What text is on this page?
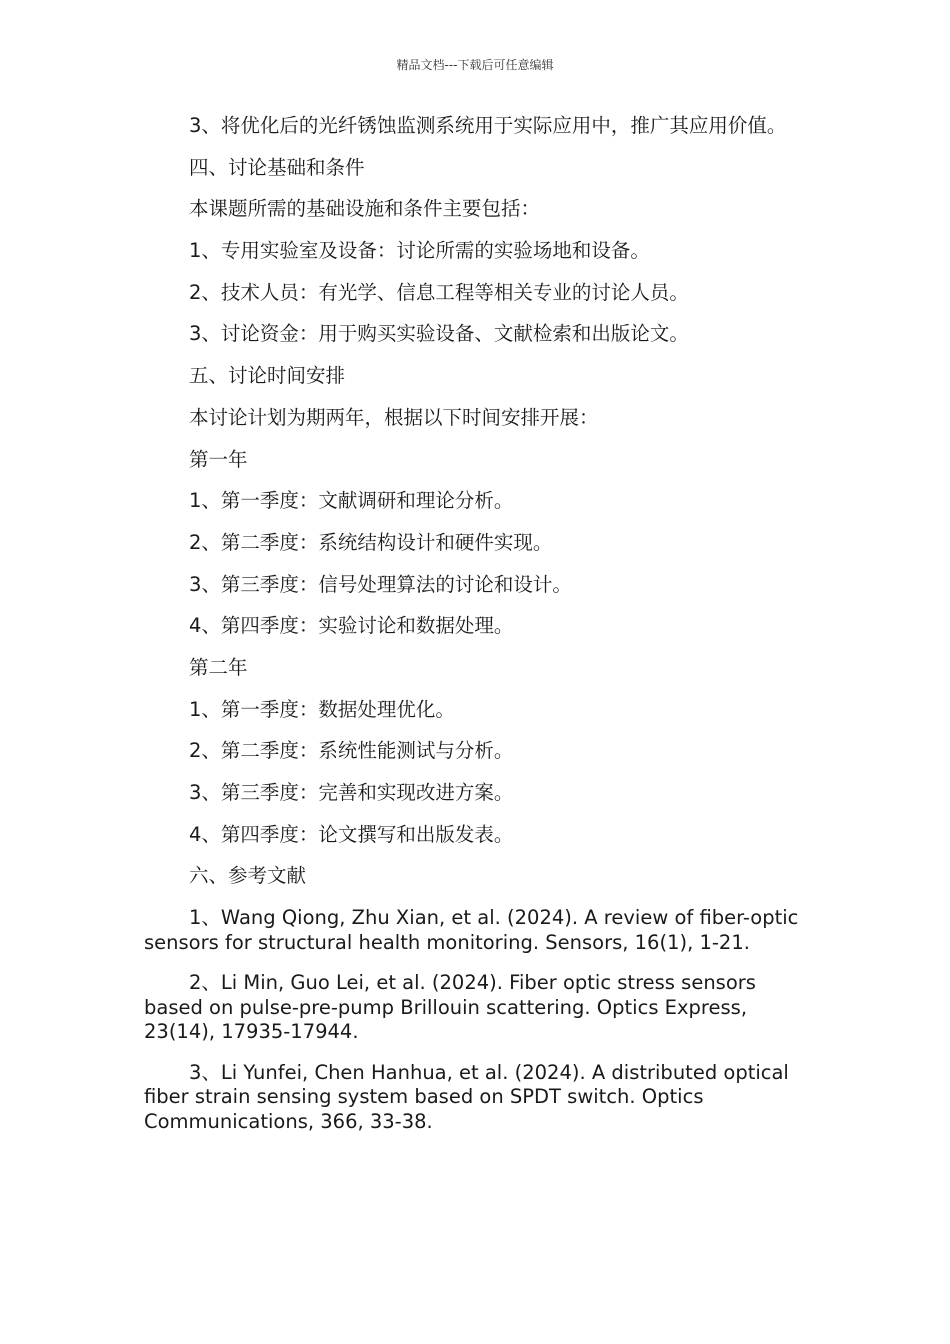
精品文档---下载后可任意编辑

3、将优化后的光纤锈蚀监测系统用于实际应用中，推广其应用价值。

四、讨论基础和条件

本课题所需的基础设施和条件主要包括：

1、专用实验室及设备：讨论所需的实验场地和设备。

2、技术人员：有光学、信息工程等相关专业的讨论人员。

3、讨论资金：用于购买实验设备、文献检索和出版论文。

五、讨论时间安排

本讨论计划为期两年，根据以下时间安排开展：

第一年

1、第一季度：文献调研和理论分析。

2、第二季度：系统结构设计和硬件实现。

3、第三季度：信号处理算法的讨论和设计。

4、第四季度：实验讨论和数据处理。

第二年

1、第一季度：数据处理优化。

2、第二季度：系统性能测试与分析。

3、第三季度：完善和实现改进方案。

4、第四季度：论文撰写和出版发表。

六、参考文献

1、Wang Qiong, Zhu Xian, et al. (2024). A review of fiber-optic sensors for structural health monitoring. Sensors, 16(1), 1-21.

2、Li Min, Guo Lei, et al. (2024). Fiber optic stress sensors based on pulse-pre-pump Brillouin scattering. Optics Express, 23(14), 17935-17944.

3、Li Yunfei, Chen Hanhua, et al. (2024). A distributed optical fiber strain sensing system based on SPDT switch. Optics Communications, 366, 33-38.
